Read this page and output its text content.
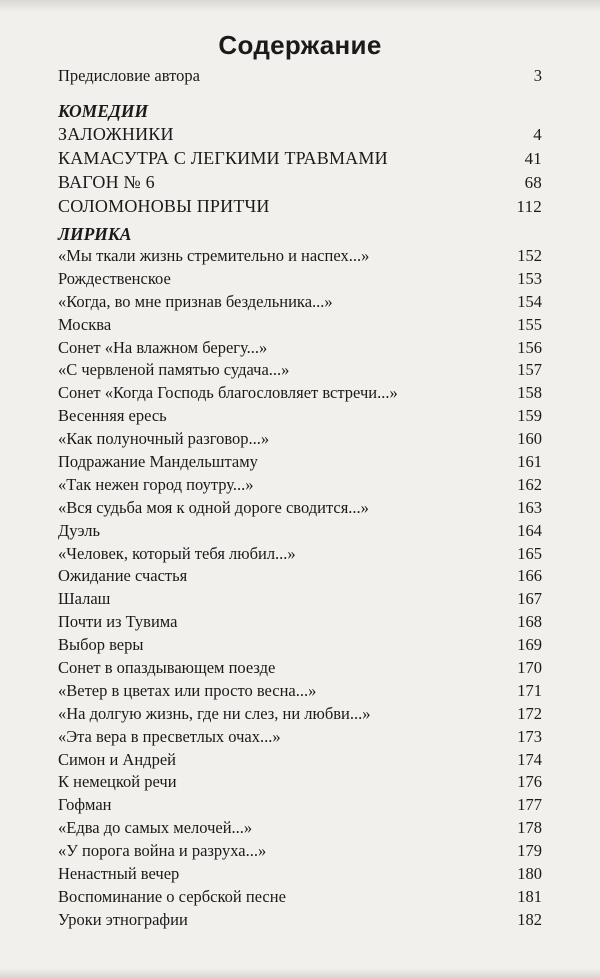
Содержание
Предисловие автора	3
КОМЕДИИ
ЗАЛОЖНИКИ	4
КАМАСУТРА С ЛЕГКИМИ ТРАВМАМИ	41
ВАГОН № 6	68
СОЛОМОНОВЫ ПРИТЧИ	112
ЛИРИКА
«Мы ткали жизнь стремительно и наспех...»	152
Рождественское	153
«Когда, во мне признав бездельника...»	154
Москва	155
Сонет «На влажном берегу...»	156
«С червленой памятью судача...»	157
Сонет «Когда Господь благословляет встречи...»	158
Весенняя ересь	159
«Как полуночный разговор...»	160
Подражание Мандельштаму	161
«Так нежен город поутру...»	162
«Вся судьба моя к одной дороге сводится...»	163
Дуэль	164
«Человек, который тебя любил...»	165
Ожидание счастья	166
Шалаш	167
Почти из Тувима	168
Выбор веры	169
Сонет в опаздывающем поезде	170
«Ветер в цветах или просто весна...»	171
«На долгую жизнь, где ни слез, ни любви...»	172
«Эта вера в пресветлых очах...»	173
Симон и Андрей	174
К немецкой речи	176
Гофман	177
«Едва до самых мелочей...»	178
«У порога война и разруха...»	179
Ненастный вечер	180
Воспоминание о сербской песне	181
Уроки этнографии	182
